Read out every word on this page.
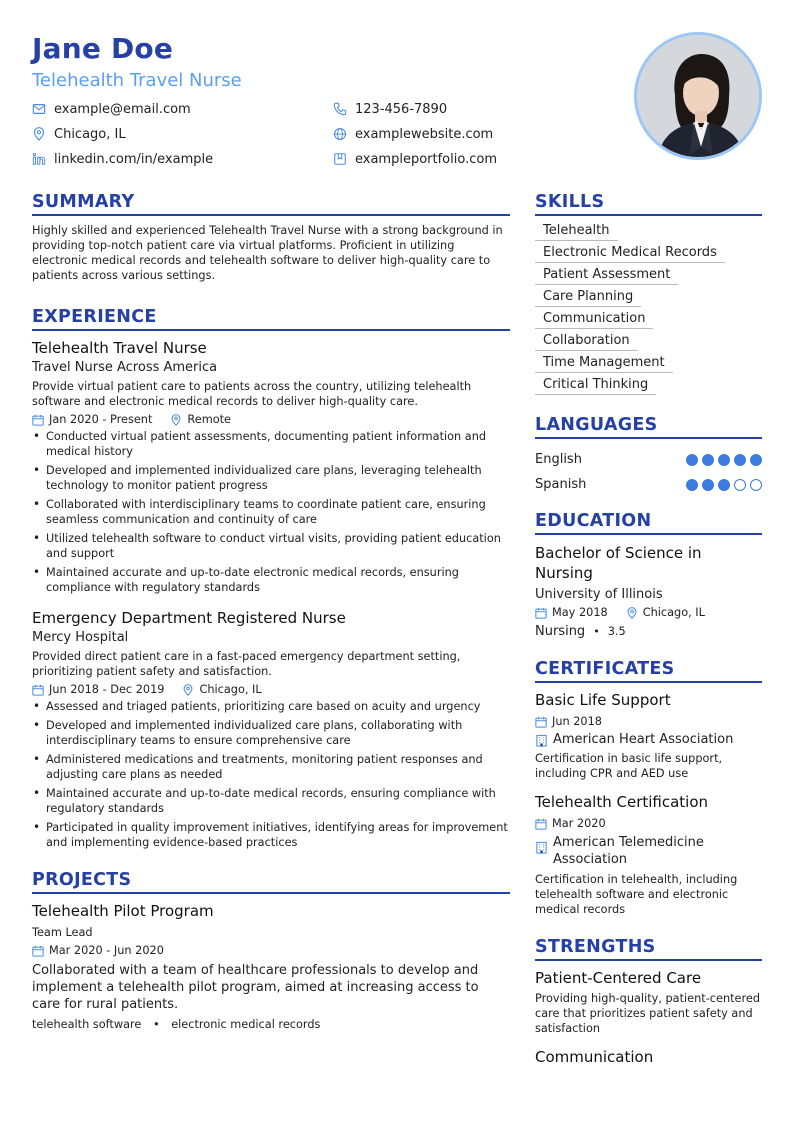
Jane Doe
Telehealth Travel Nurse
example@email.com	123-456-7890
Chicago, IL	examplewebsite.com
linkedin.com/in/example	exampleportfolio.com
SUMMARY
Highly skilled and experienced Telehealth Travel Nurse with a strong background in providing top-notch patient care via virtual platforms. Proficient in utilizing electronic medical records and telehealth software to deliver high-quality care to patients across various settings.
EXPERIENCE
Telehealth Travel Nurse
Travel Nurse Across America
Provide virtual patient care to patients across the country, utilizing telehealth software and electronic medical records to deliver high-quality care.
Jan 2020 - Present	Remote
• Conducted virtual patient assessments, documenting patient information and medical history
• Developed and implemented individualized care plans, leveraging telehealth technology to monitor patient progress
• Collaborated with interdisciplinary teams to coordinate patient care, ensuring seamless communication and continuity of care
• Utilized telehealth software to conduct virtual visits, providing patient education and support
• Maintained accurate and up-to-date electronic medical records, ensuring compliance with regulatory standards
Emergency Department Registered Nurse
Mercy Hospital
Provided direct patient care in a fast-paced emergency department setting, prioritizing patient safety and satisfaction.
Jun 2018 - Dec 2019	Chicago, IL
• Assessed and triaged patients, prioritizing care based on acuity and urgency
• Developed and implemented individualized care plans, collaborating with interdisciplinary teams to ensure comprehensive care
• Administered medications and treatments, monitoring patient responses and adjusting care plans as needed
• Maintained accurate and up-to-date medical records, ensuring compliance with regulatory standards
• Participated in quality improvement initiatives, identifying areas for improvement and implementing evidence-based practices
PROJECTS
Telehealth Pilot Program
Team Lead
Mar 2020 - Jun 2020
Collaborated with a team of healthcare professionals to develop and implement a telehealth pilot program, aimed at increasing access to care for rural patients.
telehealth software • electronic medical records
SKILLS
Telehealth
Electronic Medical Records
Patient Assessment
Care Planning
Communication
Collaboration
Time Management
Critical Thinking
LANGUAGES
English
Spanish
EDUCATION
Bachelor of Science in Nursing
University of Illinois
May 2018	Chicago, IL
Nursing • 3.5
CERTIFICATES
Basic Life Support
Jun 2018
American Heart Association
Certification in basic life support, including CPR and AED use
Telehealth Certification
Mar 2020
American Telemedicine Association
Certification in telehealth, including telehealth software and electronic medical records
STRENGTHS
Patient-Centered Care
Providing high-quality, patient-centered care that prioritizes patient safety and satisfaction
Communication
